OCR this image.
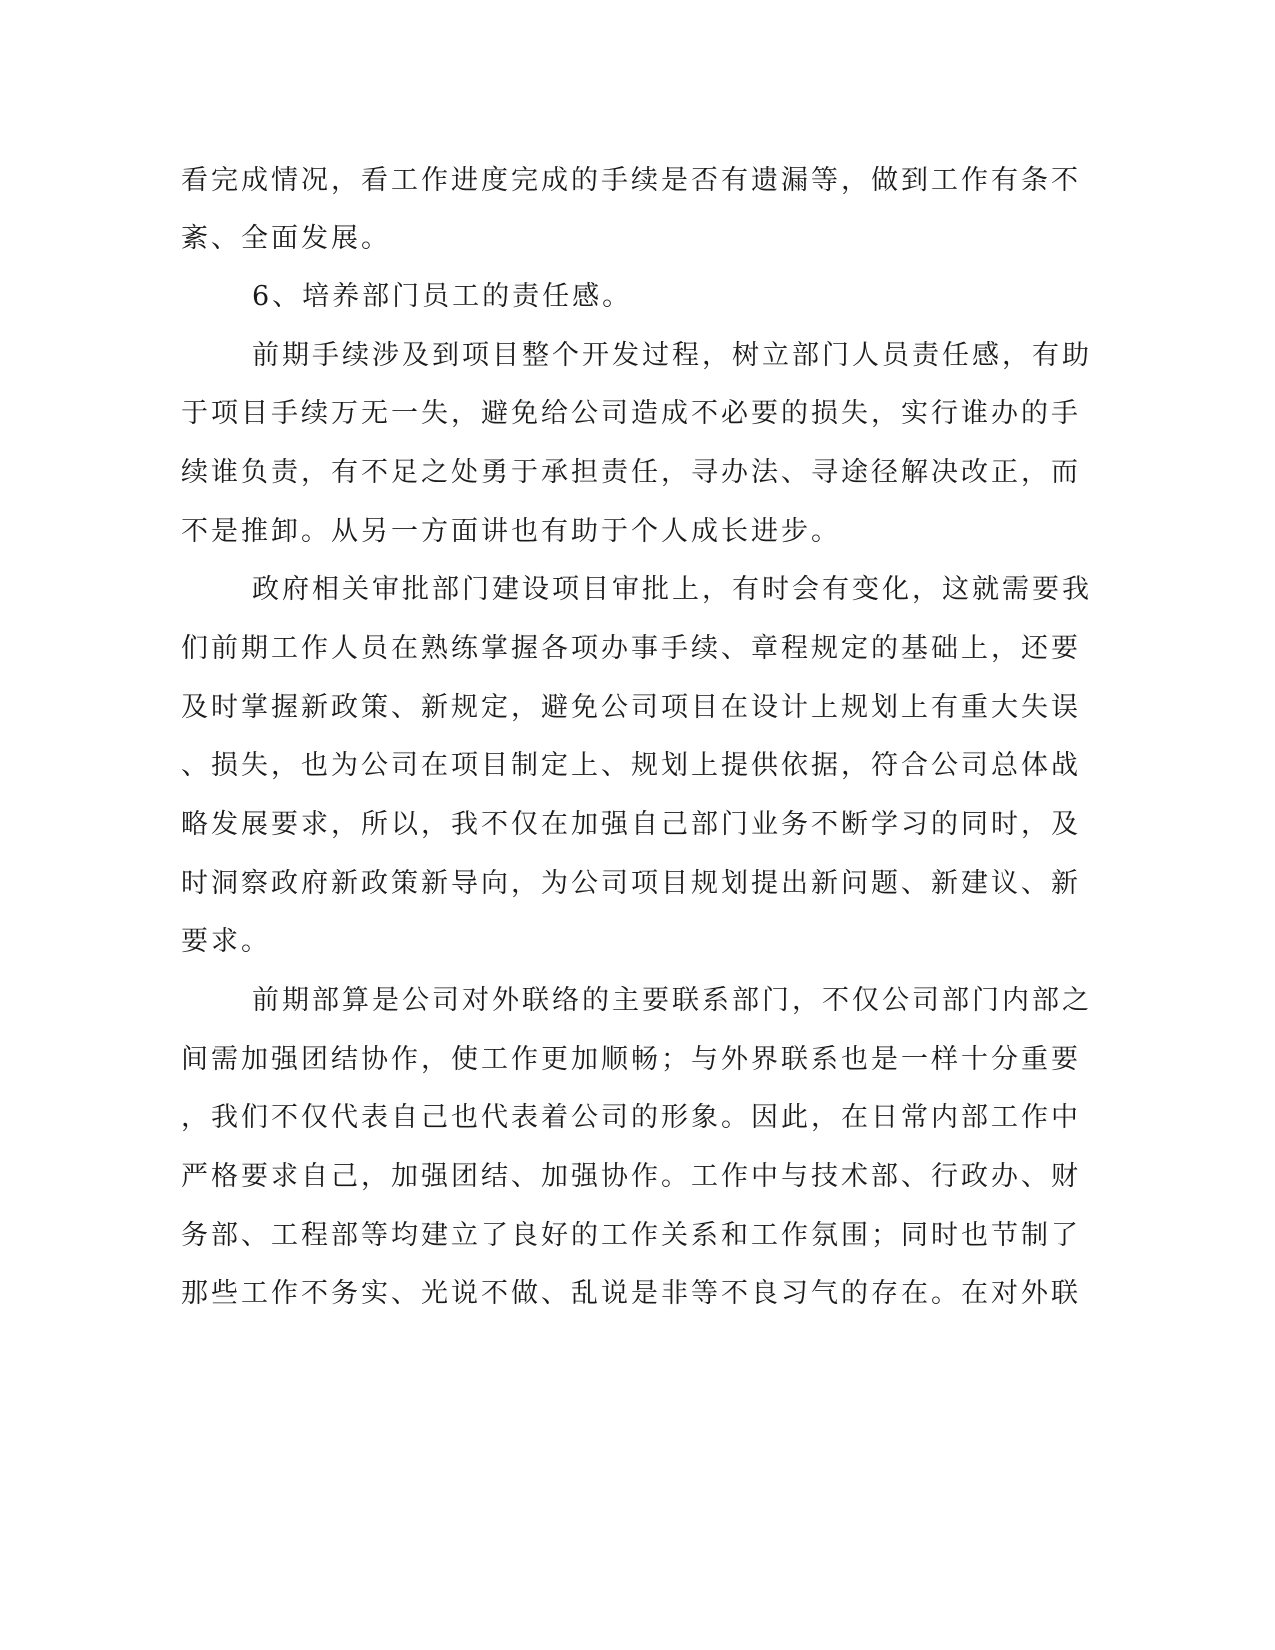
看完成情况，看工作进度完成的手续是否有遗漏等，做到工作有条不
紊、全面发展。
6、培养部门员工的责任感。
前期手续涉及到项目整个开发过程，树立部门人员责任感，有助
于项目手续万无一失，避免给公司造成不必要的损失，实行谁办的手
续谁负责，有不足之处勇于承担责任，寻办法、寻途径解决改正，而
不是推卸。从另一方面讲也有助于个人成长进步。
政府相关审批部门建设项目审批上，有时会有变化，这就需要我
们前期工作人员在熟练掌握各项办事手续、章程规定的基础上，还要
及时掌握新政策、新规定，避免公司项目在设计上规划上有重大失误
、损失，也为公司在项目制定上、规划上提供依据，符合公司总体战
略发展要求，所以，我不仅在加强自己部门业务不断学习的同时，及
时洞察政府新政策新导向，为公司项目规划提出新问题、新建议、新
要求。
前期部算是公司对外联络的主要联系部门，不仅公司部门内部之
间需加强团结协作，使工作更加顺畅；与外界联系也是一样十分重要
，我们不仅代表自己也代表着公司的形象。因此，在日常内部工作中
严格要求自己，加强团结、加强协作。工作中与技术部、行政办、财
务部、工程部等均建立了良好的工作关系和工作氛围；同时也节制了
那些工作不务实、光说不做、乱说是非等不良习气的存在。在对外联
